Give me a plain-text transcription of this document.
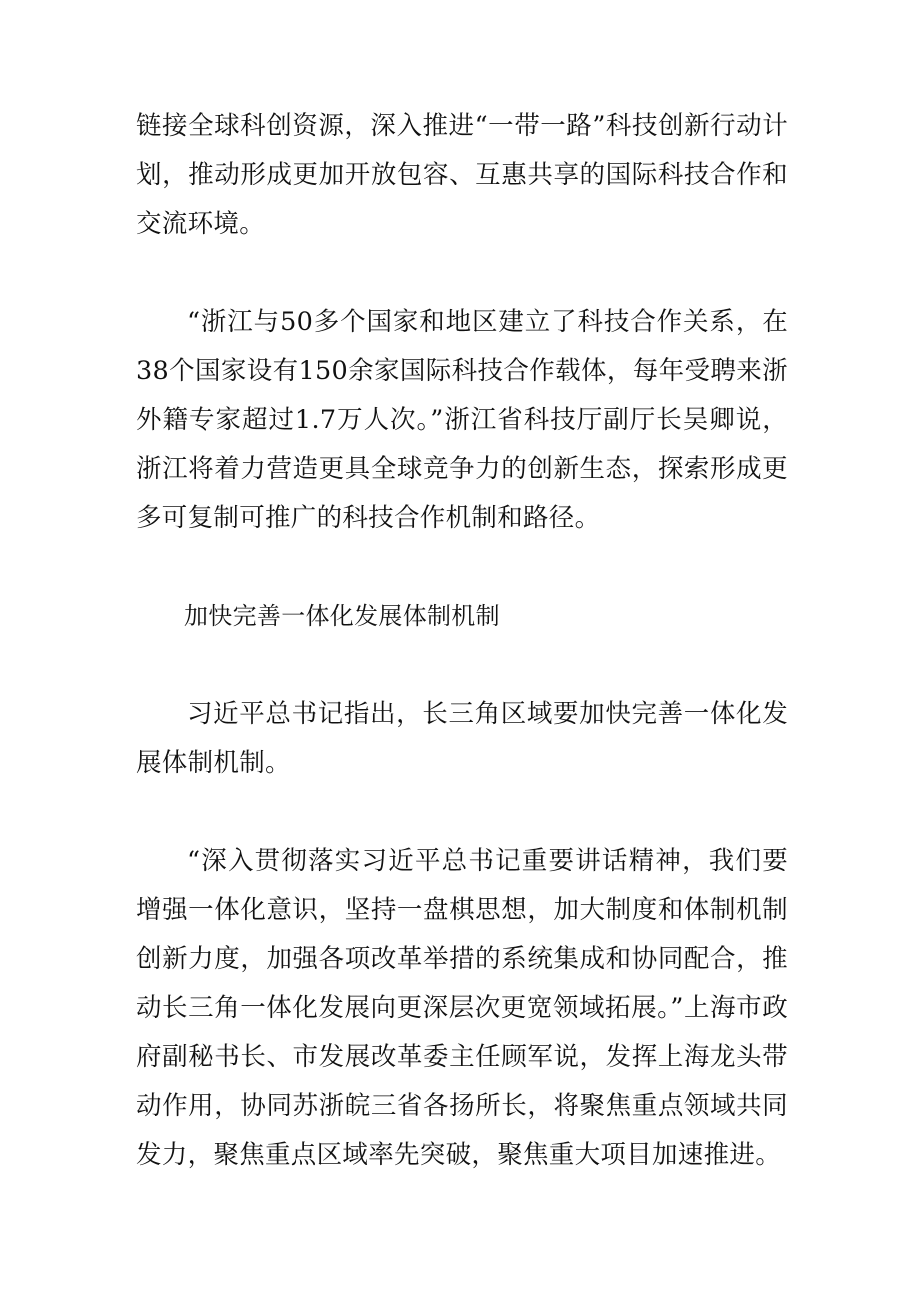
链接全球科创资源，深入推进“一带一路”科技创新行动计划，推动形成更加开放包容、互惠共享的国际科技合作和交流环境。

“浙江与50多个国家和地区建立了科技合作关系，在38个国家设有150余家国际科技合作载体，每年受聘来浙外籍专家超过1.7万人次。”浙江省科技厅副厅长吴卿说，浙江将着力营造更具全球竞争力的创新生态，探索形成更多可复制可推广的科技合作机制和路径。

加快完善一体化发展体制机制

习近平总书记指出，长三角区域要加快完善一体化发展体制机制。

“深入贯彻落实习近平总书记重要讲话精神，我们要增强一体化意识，坚持一盘棋思想，加大制度和体制机制创新力度，加强各项改革举措的系统集成和协同配合，推动长三角一体化发展向更深层次更宽领域拓展。”上海市政府副秘书长、市发展改革委主任顾军说，发挥上海龙头带动作用，协同苏浙皖三省各扬所长，将聚焦重点领域共同发力，聚焦重点区域率先突破，聚焦重大项目加速推进。
